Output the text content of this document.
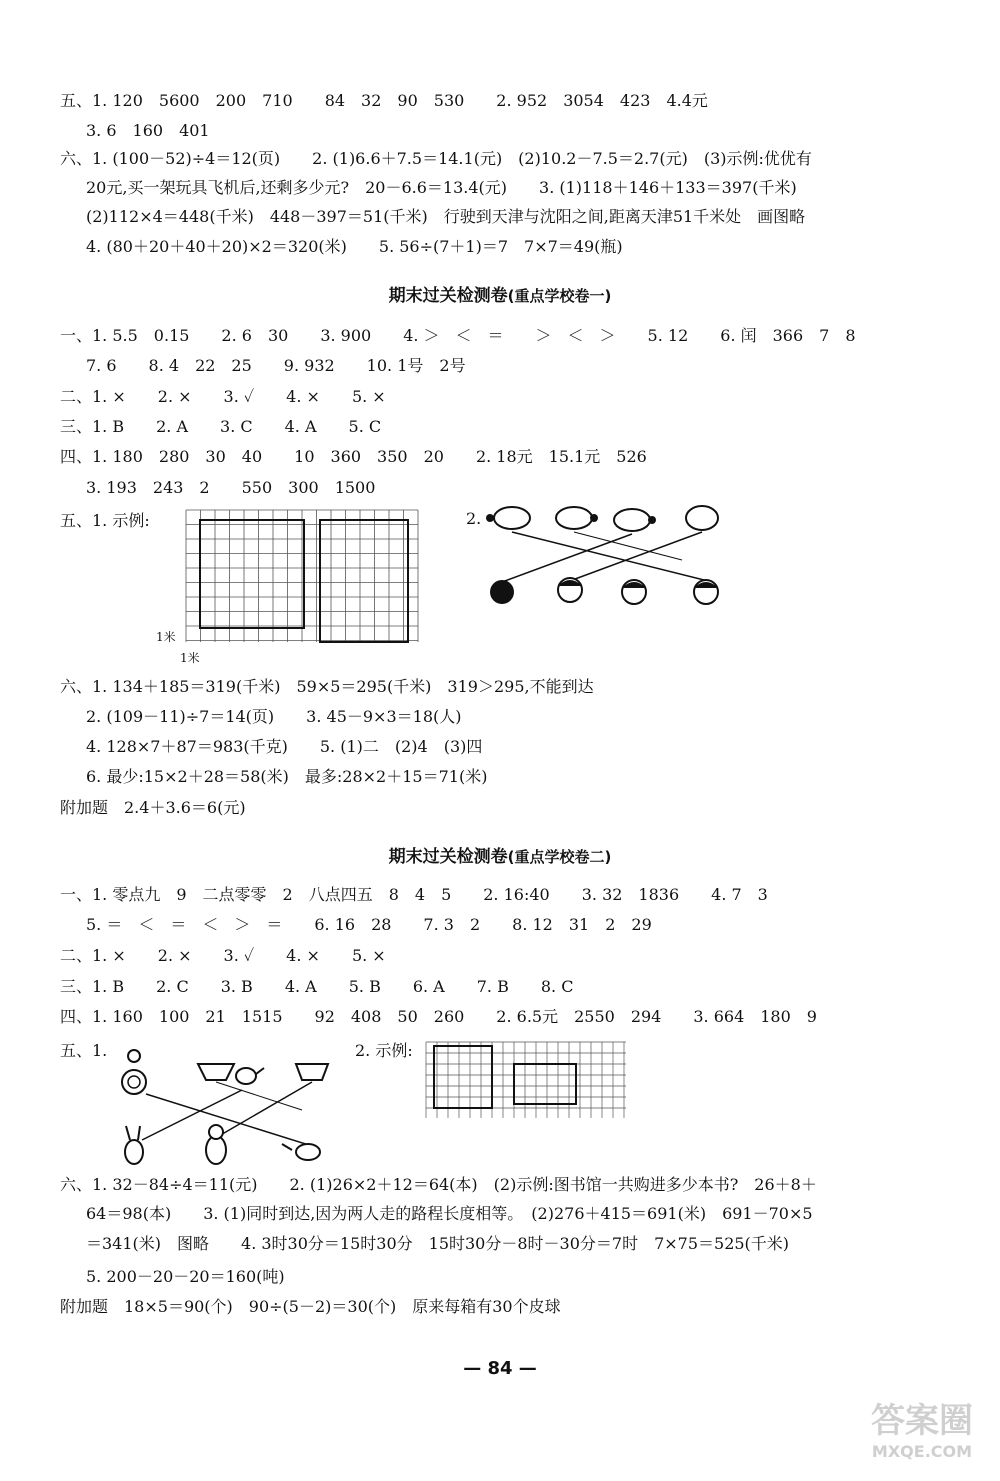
五、1. 120　5600　200　710　　84　32　90　530　　2. 952　3054　423　4.4元
3. 6　160　401
六、1. (100－52)÷4＝12(页)　　2. (1)6.6＋7.5＝14.1(元)　(2)10.2－7.5＝2.7(元)　(3)示例:优优有
20元,买一架玩具飞机后,还剩多少元?　20－6.6＝13.4(元)　　3. (1)118＋146＋133＝397(千米)
(2)112×4＝448(千米)　448－397＝51(千米)　行驶到天津与沈阳之间,距离天津51千米处　画图略
4. (80＋20＋40＋20)×2＝320(米)　　5. 56÷(7＋1)＝7　7×7＝49(瓶)
期末过关检测卷(重点学校卷一)
一、1. 5.5　0.15　　2. 6　30　　3. 900　　4. ＞　＜　＝　　＞　＜　＞　　5. 12　　6. 闰　366　7　8
7. 6　　8. 4　22　25　　9. 932　　10. 1号　2号
二、1. ×　　2. ×　　3. ✓　　4. ×　　5. ×
三、1. B　　2. A　　3. C　　4. A　　5. C
四、1. 180　280　30　40　　10　360　350　20　　2. 18元　15.1元　526
3. 193　243　2　　550　300　1500
五、1. 示例:	2.
1米
1米
六、1. 134＋185＝319(千米)　59×5＝295(千米)　319＞295,不能到达
2. (109－11)÷7＝14(页)　　3. 45－9×3＝18(人)
4. 128×7＋87＝983(千克)　　5. (1)二　(2)4　(3)四
6. 最少:15×2＋28＝58(米)　最多:28×2＋15＝71(米)
附加题　2.4＋3.6＝6(元)
期末过关检测卷(重点学校卷二)
一、1. 零点九　9　二点零零　2　八点四五　8　4　5　　2. 16:40　　3. 32　1836　　4. 7　3
5. ＝　＜　＝　＜　＞　＝　　6. 16　28　　7. 3　2　　8. 12　31　2　29
二、1. ×　　2. ×　　3. ✓　　4. ×　　5. ×
三、1. B　　2. C　　3. B　　4. A　　5. B　　6. A　　7. B　　8. C
四、1. 160　100　21　1515　　92　408　50　260　　2. 6.5元　2550　294　　3. 664　180　9
五、1.	2. 示例:
六、1. 32－84÷4＝11(元)　　2. (1)26×2＋12＝64(本)　(2)示例:图书馆一共购进多少本书?　26＋8＋
64＝98(本)　　3. (1)同时到达,因为两人走的路程长度相等。　(2)276＋415＝691(米)　691－70×5
＝341(米)　图略　　4. 3时30分＝15时30分　15时30分－8时－30分＝7时　7×75＝525(千米)
5. 200－20－20＝160(吨)
附加题　18×5＝90(个)　90÷(5－2)＝30(个)　原来每箱有30个皮球
— 84 —
答案圈
MXQE.COM
